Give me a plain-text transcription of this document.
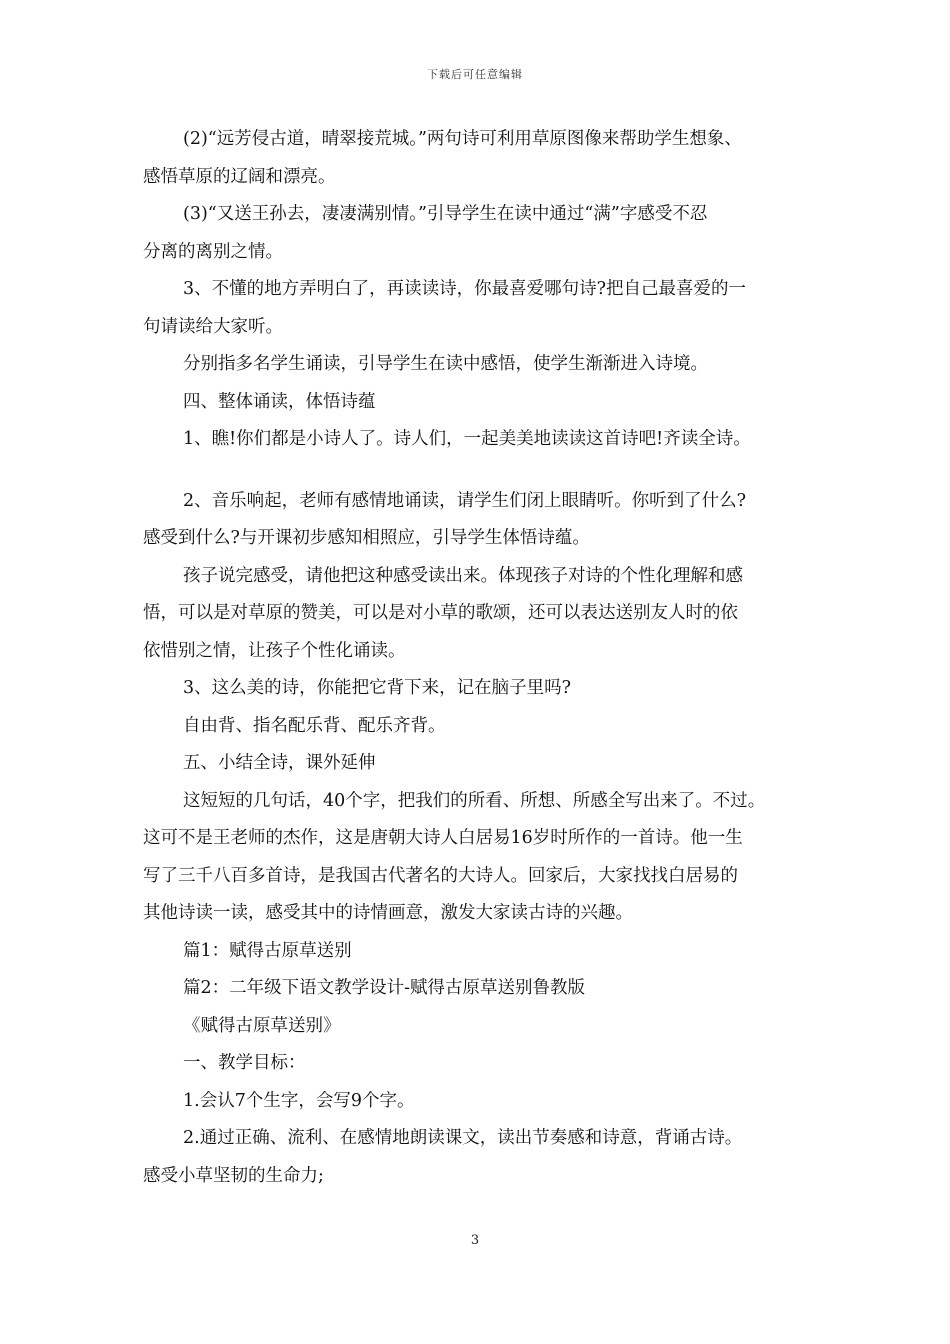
下载后可任意编辑

(2)“远芳侵古道，晴翠接荒城。”两句诗可利用草原图像来帮助学生想象、

感悟草原的辽阔和漂亮。

(3)“又送王孙去，凄凄满别情。”引导学生在读中通过“满”字感受不忍

分离的离别之情。

3、不懂的地方弄明白了，再读读诗，你最喜爱哪句诗?把自己最喜爱的一

句请读给大家听。

分别指多名学生诵读，引导学生在读中感悟，使学生渐渐进入诗境。

四、整体诵读，体悟诗蕴

1、瞧!你们都是小诗人了。诗人们，一起美美地读读这首诗吧!齐读全诗。

2、音乐响起，老师有感情地诵读，请学生们闭上眼睛听。你听到了什么?

感受到什么?与开课初步感知相照应，引导学生体悟诗蕴。

孩子说完感受，请他把这种感受读出来。体现孩子对诗的个性化理解和感

悟，可以是对草原的赞美，可以是对小草的歌颂，还可以表达送别友人时的依

依惜别之情，让孩子个性化诵读。

3、这么美的诗，你能把它背下来，记在脑子里吗?

自由背、指名配乐背、配乐齐背。

五、小结全诗，课外延伸

这短短的几句话，40个字，把我们的所看、所想、所感全写出来了。不过。

这可不是王老师的杰作，这是唐朝大诗人白居易16岁时所作的一首诗。他一生

写了三千八百多首诗，是我国古代著名的大诗人。回家后，大家找找白居易的

其他诗读一读，感受其中的诗情画意，激发大家读古诗的兴趣。

篇1：赋得古原草送别

篇2：二年级下语文教学设计-赋得古原草送别鲁教版

《赋得古原草送别》

一、教学目标：

1.会认7个生字，会写9个字。

2.通过正确、流利、在感情地朗读课文，读出节奏感和诗意，背诵古诗。

感受小草坚韧的生命力;

3
